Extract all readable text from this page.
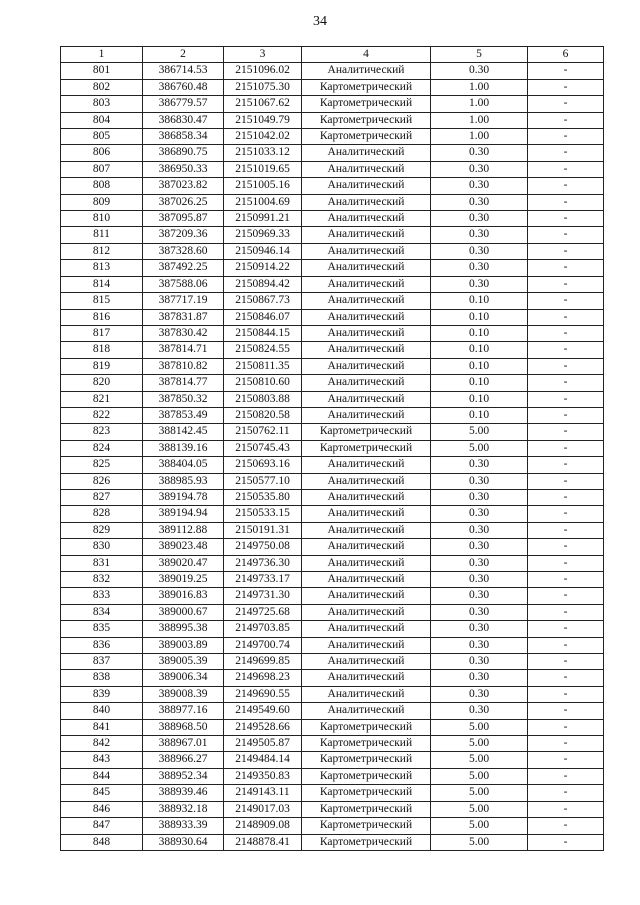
34
1	2	3	4	5	6
801	386714.53	2151096.02	Аналитический	0.30	-
802	386760.48	2151075.30	Картометрический	1.00	-
803	386779.57	2151067.62	Картометрический	1.00	-
804	386830.47	2151049.79	Картометрический	1.00	-
805	386858.34	2151042.02	Картометрический	1.00	-
806	386890.75	2151033.12	Аналитический	0.30	-
807	386950.33	2151019.65	Аналитический	0.30	-
808	387023.82	2151005.16	Аналитический	0.30	-
809	387026.25	2151004.69	Аналитический	0.30	-
810	387095.87	2150991.21	Аналитический	0.30	-
811	387209.36	2150969.33	Аналитический	0.30	-
812	387328.60	2150946.14	Аналитический	0.30	-
813	387492.25	2150914.22	Аналитический	0.30	-
814	387588.06	2150894.42	Аналитический	0.30	-
815	387717.19	2150867.73	Аналитический	0.10	-
816	387831.87	2150846.07	Аналитический	0.10	-
817	387830.42	2150844.15	Аналитический	0.10	-
818	387814.71	2150824.55	Аналитический	0.10	-
819	387810.82	2150811.35	Аналитический	0.10	-
820	387814.77	2150810.60	Аналитический	0.10	-
821	387850.32	2150803.88	Аналитический	0.10	-
822	387853.49	2150820.58	Аналитический	0.10	-
823	388142.45	2150762.11	Картометрический	5.00	-
824	388139.16	2150745.43	Картометрический	5.00	-
825	388404.05	2150693.16	Аналитический	0.30	-
826	388985.93	2150577.10	Аналитический	0.30	-
827	389194.78	2150535.80	Аналитический	0.30	-
828	389194.94	2150533.15	Аналитический	0.30	-
829	389112.88	2150191.31	Аналитический	0.30	-
830	389023.48	2149750.08	Аналитический	0.30	-
831	389020.47	2149736.30	Аналитический	0.30	-
832	389019.25	2149733.17	Аналитический	0.30	-
833	389016.83	2149731.30	Аналитический	0.30	-
834	389000.67	2149725.68	Аналитический	0.30	-
835	388995.38	2149703.85	Аналитический	0.30	-
836	389003.89	2149700.74	Аналитический	0.30	-
837	389005.39	2149699.85	Аналитический	0.30	-
838	389006.34	2149698.23	Аналитический	0.30	-
839	389008.39	2149690.55	Аналитический	0.30	-
840	388977.16	2149549.60	Аналитический	0.30	-
841	388968.50	2149528.66	Картометрический	5.00	-
842	388967.01	2149505.87	Картометрический	5.00	-
843	388966.27	2149484.14	Картометрический	5.00	-
844	388952.34	2149350.83	Картометрический	5.00	-
845	388939.46	2149143.11	Картометрический	5.00	-
846	388932.18	2149017.03	Картометрический	5.00	-
847	388933.39	2148909.08	Картометрический	5.00	-
848	388930.64	2148878.41	Картометрический	5.00	-
